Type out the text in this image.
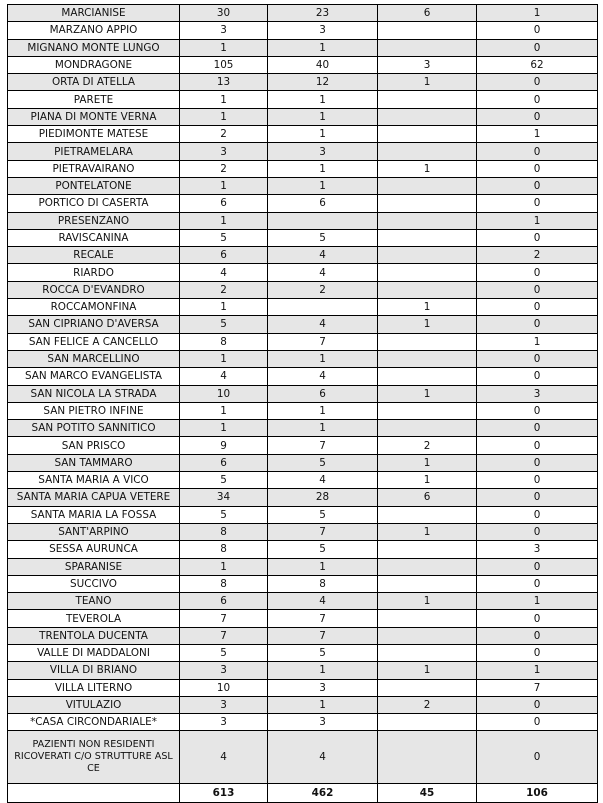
MARCIANISE	30	23	6	1
MARZANO APPIO	3	3		0
MIGNANO MONTE LUNGO	1	1		0
MONDRAGONE	105	40	3	62
ORTA DI ATELLA	13	12	1	0
PARETE	1	1		0
PIANA DI MONTE VERNA	1	1		0
PIEDIMONTE MATESE	2	1		1
PIETRAMELARA	3	3		0
PIETRAVAIRANO	2	1	1	0
PONTELATONE	1	1		0
PORTICO DI CASERTA	6	6		0
PRESENZANO	1			1
RAVISCANINA	5	5		0
RECALE	6	4		2
RIARDO	4	4		0
ROCCA D'EVANDRO	2	2		0
ROCCAMONFINA	1		1	0
SAN CIPRIANO D'AVERSA	5	4	1	0
SAN FELICE A CANCELLO	8	7		1
SAN MARCELLINO	1	1		0
SAN MARCO EVANGELISTA	4	4		0
SAN NICOLA LA STRADA	10	6	1	3
SAN PIETRO INFINE	1	1		0
SAN POTITO SANNITICO	1	1		0
SAN PRISCO	9	7	2	0
SAN TAMMARO	6	5	1	0
SANTA MARIA A VICO	5	4	1	0
SANTA MARIA CAPUA VETERE	34	28	6	0
SANTA MARIA LA FOSSA	5	5		0
SANT'ARPINO	8	7	1	0
SESSA AURUNCA	8	5		3
SPARANISE	1	1		0
SUCCIVO	8	8		0
TEANO	6	4	1	1
TEVEROLA	7	7		0
TRENTOLA DUCENTA	7	7		0
VALLE DI MADDALONI	5	5		0
VILLA DI BRIANO	3	1	1	1
VILLA LITERNO	10	3		7
VITULAZIO	3	1	2	0
*CASA CIRCONDARIALE*	3	3		0
PAZIENTI NON RESIDENTI RICOVERATI C/O STRUTTURE ASL CE	4	4		0
	613	462	45	106
